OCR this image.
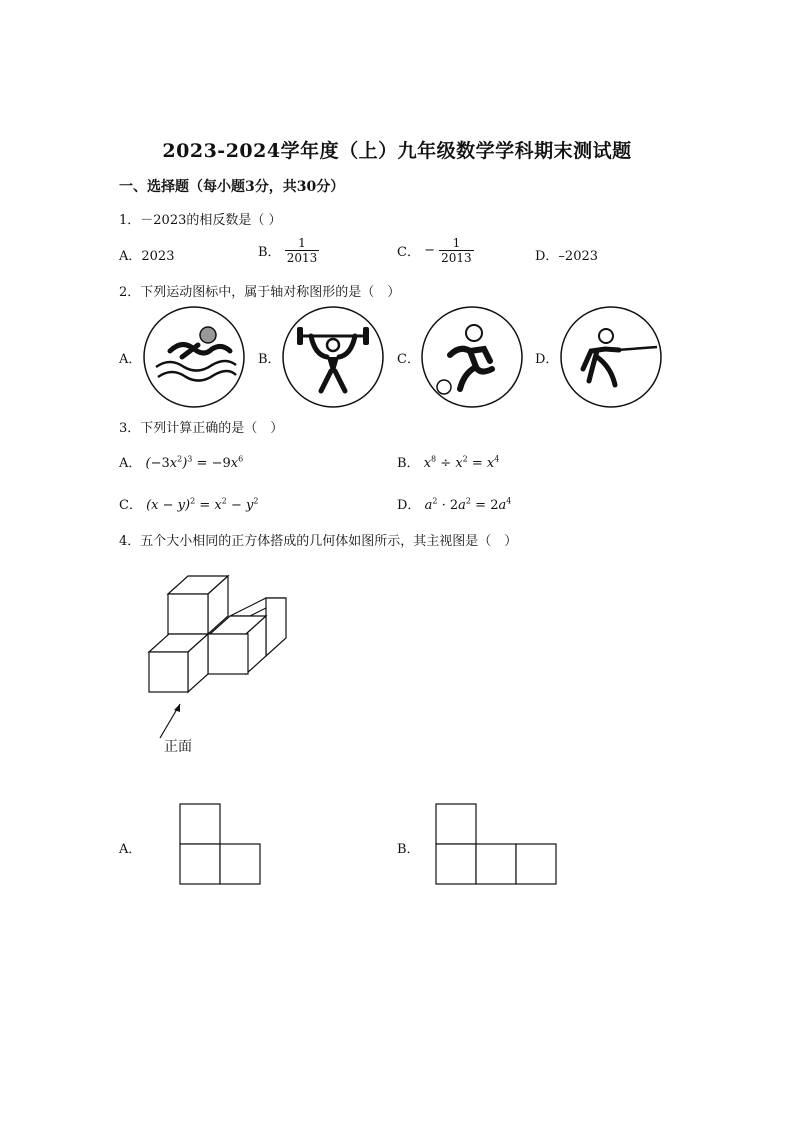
2023-2024学年度（上）九年级数学学科期末测试题
一、选择题（每小题3分，共30分）
1．－2023的相反数是（ ）
A．2023	B． $\frac{1}{2013}$	C． − $\frac{1}{2013}$	D．–2023
2．下列运动图标中，属于轴对称图形的是（　）
A．	B．	C．	D．
3．下列计算正确的是（　）
A． $(-3x^2)^3 = -9x^6$	B． $x^8 \div x^2 = x^4$
C． $(x - y)^2 = x^2 - y^2$	D． $a^2 \cdot 2a^2 = 2a^4$
4．五个大小相同的正方体搭成的几何体如图所示，其主视图是（　）
正面
A．	B．
